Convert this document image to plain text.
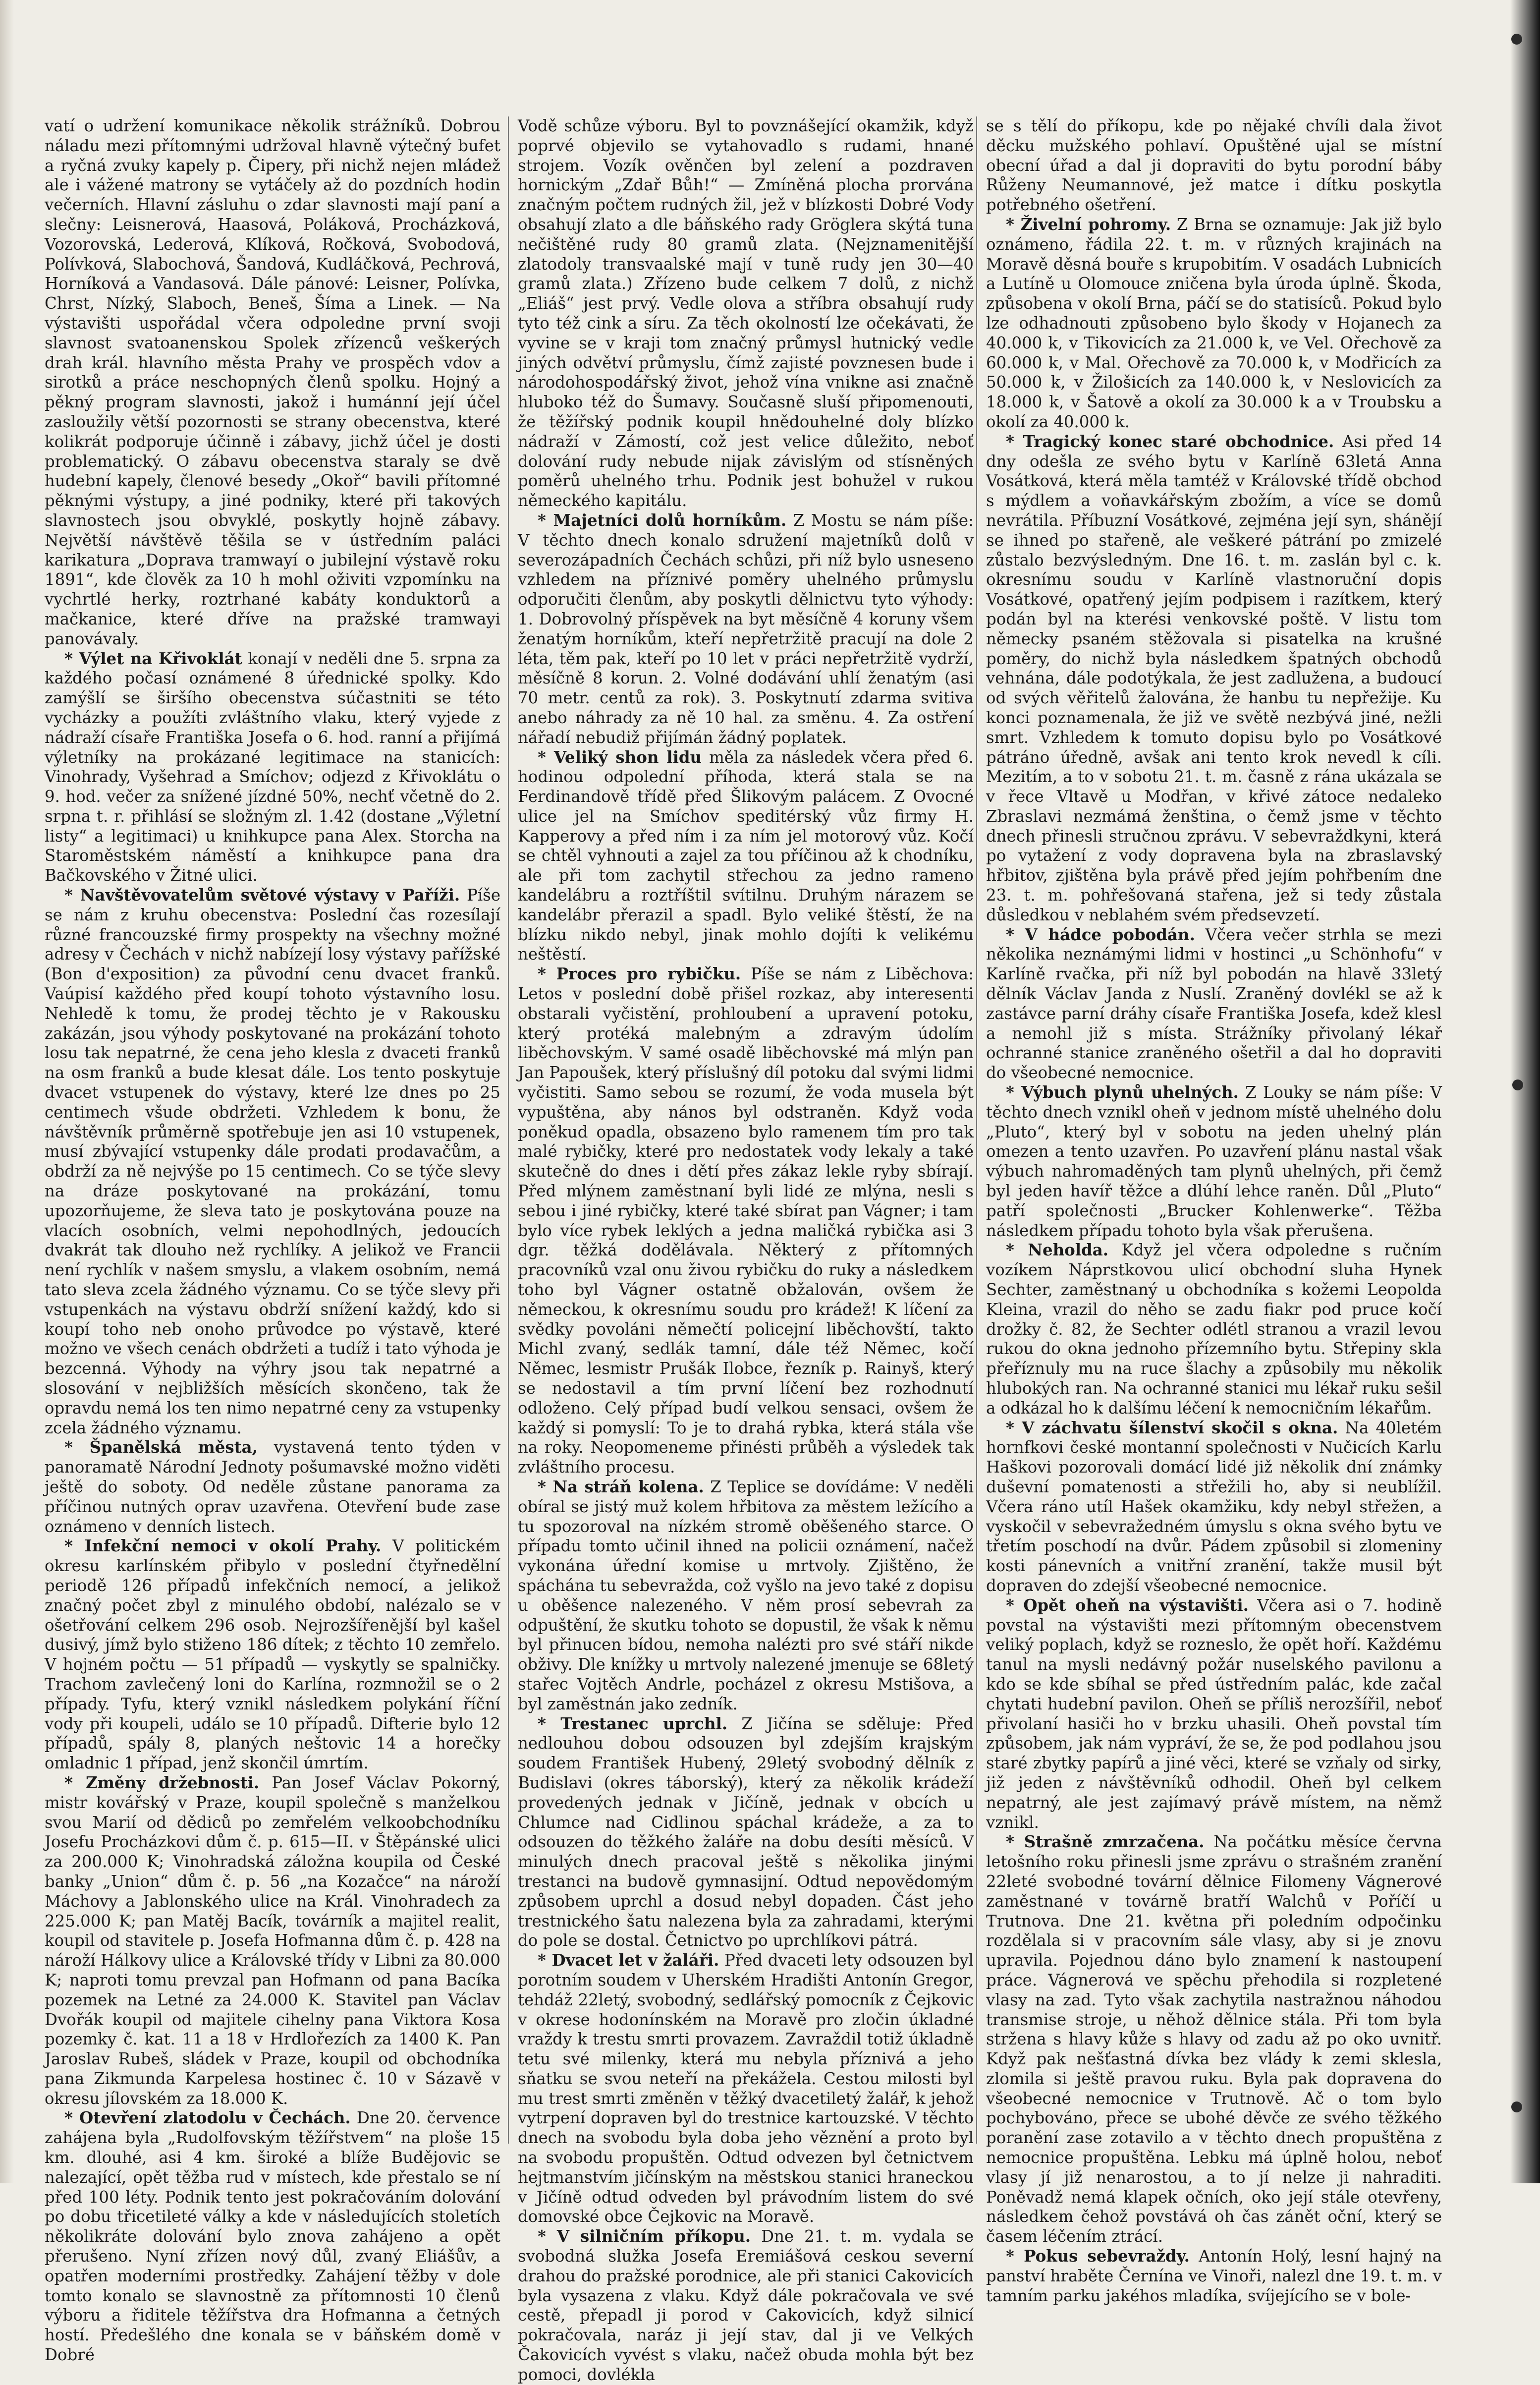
vatí o udržení komunikace několik strážníků. Dobrou náladu mezi přítomnými udržoval hlavně výtečný bufet a ryčná zvuky kapely p. Čipery, při nichž nejen mládež ale i vážené matrony se vytáčely až do pozdních hodin večerních. Hlavní zásluhu o zdar slavnosti mají paní a slečny: Leisnerová, Haasová, Poláková, Procházková, Vozorovská, Lederová, Klíková, Ročková, Svobodová, Polívková, Slabochová, Šandová, Kudláčková, Pechrová, Horníková a Vandasová. Dále pánové: Leisner, Polívka, Chrst, Nízký, Slaboch, Beneš, Šíma a Linek. — Na výstavišti uspořádal včera odpoledne první svoji slavnost svatoanenskou Spolek zřízenců veškerých drah král. hlavního města Prahy ve prospěch vdov a sirotků a práce neschopných členů spolku. Hojný a pěkný program slavnosti, jakož i humánní její účel zasloužily větší pozornosti se strany obecenstva, které kolikrát podporuje účinně i zábavy, jichž účel je dosti problematický. O zábavu obecenstva staraly se dvě hudební kapely, členové besedy „Okoř“ bavili přítomné pěknými výstupy, a jiné podniky, které při takových slavnostech jsou obvyklé, poskytly hojně zábavy. Největší návštěvě těšila se v ústředním paláci karikatura „Doprava tramwayí o jubilejní výstavě roku 1891“, kde člověk za 10 h mohl oživiti vzpomínku na vychrtlé herky, roztrhané kabáty konduktorů a mačkanice, které dříve na pražské tramwayi panovávaly.

* Výlet na Křivoklát konají v neděli dne 5. srpna za každého počasí oznámené 8 úřednické spolky. Kdo zamýšlí se širšího obecenstva súčastniti se této vycházky a použíti zvláštního vlaku, který vyjede z nádraží císaře Františka Josefa o 6. hod. ranní a přijímá výletníky na prokázané legitimace na stanicích: Vinohrady, Vyšehrad a Smíchov; odjezd z Křivoklátu o 9. hod. večer za snížené jízdné 50%, nechť včetně do 2. srpna t. r. přihlásí se složným zl. 1.42 (dostane „Výletní listy“ a legitimaci) u knihkupce pana Alex. Storcha na Staroměstském náměstí a knihkupce pana dra Bačkovského v Žitné ulici.

* Navštěvovatelům světové výstavy v Paříži. Píše se nám z kruhu obecenstva: Poslední čas rozesílají různé francouzské firmy prospekty na všechny možné adresy v Čechách v nichž nabízejí losy výstavy pařížské (Bon d'exposition) za původní cenu dvacet franků. Vaúpisí každého před koupí tohoto výstavního losu. Nehledě k tomu, že prodej těchto je v Rakousku zakázán, jsou výhody poskytované na prokázání tohoto losu tak nepatrné, že cena jeho klesla z dvaceti franků na osm franků a bude klesat dále. Los tento poskytuje dvacet vstupenek do výstavy, které lze dnes po 25 centimech všude obdržeti. Vzhledem k bonu, že návštěvník průměrně spotřebuje jen asi 10 vstupenek, musí zbývající vstupenky dále prodati prodavačům, a obdrží za ně nejvýše po 15 centimech. Co se týče slevy na dráze poskytované na prokázání, tomu upozorňujeme, že sleva tato je poskytována pouze na vlacích osobních, velmi nepohodlných, jedoucích dvakrát tak dlouho než rychlíky. A jelikož ve Francii není rychlík v našem smyslu, a vlakem osobním, nemá tato sleva zcela žádného významu. Co se týče slevy při vstupenkách na výstavu obdrží snížení každý, kdo si koupí toho neb onoho průvodce po výstavě, které možno ve všech cenách obdržeti a tudíž i tato výhoda je bezcenná. Výhody na výhry jsou tak nepatrné a slosování v nejbližších měsících skončeno, tak že opravdu nemá los ten nimo nepatrné ceny za vstupenky zcela žádného významu.

* Španělská města, vystavená tento týden v panoramatě Národní Jednoty pošumavské možno viděti ještě do soboty. Od neděle zůstane panorama za příčinou nutných oprav uzavřena. Otevření bude zase oznámeno v denních listech.

* Infekční nemoci v okolí Prahy. V politickém okresu karlínském přibylo v poslední čtyřnedělní periodě 126 případů infekčních nemocí, a jelikož značný počet zbyl z minulého období, nalézalo se v ošetřování celkem 296 osob. Nejrozšířenější byl kašel dusivý, jímž bylo stiženo 186 dítek; z těchto 10 zemřelo. V hojném počtu — 51 případů — vyskytly se spalničky. Trachom zavlečený loni do Karlína, rozmnožil se o 2 případy. Tyfu, který vznikl následkem polykání říční vody při koupeli, událo se 10 případů. Difterie bylo 12 případů, spály 8, planých neštovic 14 a horečky omladnic 1 případ, jenž skončil úmrtím.

* Změny držebnosti. Pan Josef Václav Pokorný, mistr kovářský v Praze, koupil společně s manželkou svou Marií od dědiců po zemřelém velkoobchodníku Josefu Procházkovi dům č. p. 615—II. v Štěpánské ulici za 200.000 K; Vinohradská záložna koupila od České banky „Union“ dům č. p. 56 „na Kozačce“ na nároží Máchovy a Jablonského ulice na Král. Vinohradech za 225.000 K; pan Matěj Bacík, továrník a majitel realit, koupil od stavitele p. Josefa Hofmanna dům č. p. 428 na nároží Hálkovy ulice a Královské třídy v Libni za 80.000 K; naproti tomu prevzal pan Hofmann od pana Bacíka pozemek na Letné za 24.000 K. Stavitel pan Václav Dvořák koupil od majitele cihelny pana Viktora Kosa pozemky č. kat. 11 a 18 v Hrdlořezích za 1400 K. Pan Jaroslav Rubeš, sládek v Praze, koupil od obchodníka pana Zikmunda Karpelesa hostinec č. 10 v Sázavě v okresu jílovském za 18.000 K.

* Otevření zlatodolu v Čechách. Dne 20. července zahájena byla „Rudolfovským těžířstvem“ na ploše 15 km. dlouhé, asi 4 km. široké a blíže Budějovic se nalezající, opět těžba rud v místech, kde přestalo se ní před 100 léty. Podnik tento jest pokračováním dolování po dobu třicetileté války a kde v následujících stoletích několikráte dolování bylo znova zahájeno a opět přerušeno. Nyní zřízen nový důl, zvaný Eliášův, a opatřen moderními prostředky. Zahájení těžby v dole tomto konalo se slavnostně za přítomnosti 10 členů výboru a řiditele těžířstva dra Hofmanna a četných hostí. Předešlého dne konala se v báňském domě v Dobré

Vodě schůze výboru. Byl to povznášející okamžik, když poprvé objevilo se vytahovadlo s rudami, hnané strojem. Vozík ověnčen byl zelení a pozdraven hornickým „Zdař Bůh!“ — Zmíněná plocha prorvána značným počtem rudných žil, jež v blízkosti Dobré Vody obsahují zlato a dle báňského rady Gröglera skýtá tuna nečištěné rudy 80 gramů zlata. (Nejznamenitější zlatodoly transvaalské mají v tuně rudy jen 30—40 gramů zlata.) Zřízeno bude celkem 7 dolů, z nichž „Eliáš“ jest prvý. Vedle olova a stříbra obsahují rudy tyto též cink a síru. Za těch okolností lze očekávati, že vyvine se v kraji tom značný průmysl hutnický vedle jiných odvětví průmyslu, čímž zajisté povznesen bude i národohospodářský život, jehož vína vnikne asi značně hluboko též do Šumavy. Současně sluší připomenouti, že těžířský podnik koupil hnědouhelné doly blízko nádraží v Zámostí, což jest velice důležito, neboť dolování rudy nebude nijak závislým od stísněných poměrů uhelného trhu. Podnik jest bohužel v rukou německého kapitálu.

* Majetníci dolů horníkům. Z Mostu se nám píše: V těchto dnech konalo sdružení majetníků dolů v severozápadních Čechách schůzi, při níž bylo usneseno vzhledem na příznivé poměry uhelného průmyslu odporučiti členům, aby poskytli dělnictvu tyto výhody: 1. Dobrovolný příspěvek na byt měsíčně 4 koruny všem ženatým horníkům, kteří nepřetržitě pracují na dole 2 léta, těm pak, kteří po 10 let v práci nepřetržitě vydrží, měsíčně 8 korun. 2. Volné dodávání uhlí ženatým (asi 70 metr. centů za rok). 3. Poskytnutí zdarma svitiva anebo náhrady za ně 10 hal. za směnu. 4. Za ostření nářadí nebudiž přijímán žádný poplatek.

* Veliký shon lidu měla za následek včera před 6. hodinou odpolední příhoda, která stala se na Ferdinandově třídě před Šlikovým palácem. Z Ovocné ulice jel na Smíchov speditérský vůz firmy H. Kapperovy a před ním i za ním jel motorový vůz. Kočí se chtěl vyhnouti a zajel za tou příčinou až k chodníku, ale při tom zachytil střechou za jedno rameno kandelábru a roztříštil svítilnu. Druhým nárazem se kandelábr přerazil a spadl. Bylo veliké štěstí, že na blízku nikdo nebyl, jinak mohlo dojíti k velikému neštěstí.

* Proces pro rybičku. Píše se nám z Liběchova: Letos v poslední době přišel rozkaz, aby interesenti obstarali vyčistění, prohloubení a upravení potoku, který protéká malebným a zdravým údolím liběchovským. V samé osadě liběchovské má mlýn pan Jan Papoušek, který příslušný díl potoku dal svými lidmi vyčistiti. Samo sebou se rozumí, že voda musela být vypuštěna, aby nános byl odstraněn. Když voda poněkud opadla, obsazeno bylo ramenem tím pro tak malé rybičky, které pro nedostatek vody lekaly a také skutečně do dnes i dětí přes zákaz lekle ryby sbírají. Před mlýnem zaměstnaní byli lidé ze mlýna, nesli s sebou i jiné rybičky, které také sbírat pan Vágner; i tam bylo více rybek leklých a jedna maličká rybička asi 3 dgr. těžká dodělávala. Některý z přítomných pracovníků vzal onu živou rybičku do ruky a následkem toho byl Vágner ostatně obžalován, ovšem že německou, k okresnímu soudu pro krádež! K líčení za svědky povoláni němečtí policejní liběchovští, takto Michl zvaný, sedlák tamní, dále též Němec, kočí Němec, lesmistr Prušák Ilobce, řezník p. Rainyš, který se nedostavil a tím první líčení bez rozhodnutí odloženo. Celý případ budí velkou sensaci, ovšem že každý si pomyslí: To je to drahá rybka, která stála vše na roky. Neopomeneme přinésti průběh a výsledek tak zvláštního procesu.

* Na stráň kolena. Z Teplice se dovídáme: V neděli obíral se jistý muž kolem hřbitova za městem ležícího a tu spozoroval na nízkém stromě oběšeného starce. O případu tomto učinil ihned na policii oznámení, načež vykonána úřední komise u mrtvoly. Zjištěno, že spáchána tu sebevražda, což vyšlo na jevo také z dopisu u oběšence nalezeného. V něm prosí sebevrah za odpuštění, že skutku tohoto se dopustil, že však k němu byl přinucen bídou, nemoha nalézti pro své stáří nikde obživy. Dle knížky u mrtvoly nalezené jmenuje se 68letý stařec Vojtěch Andrle, pocházel z okresu Mstišova, a byl zaměstnán jako zedník.

* Trestanec uprchl. Z Jičína se sděluje: Před nedlouhou dobou odsouzen byl zdejším krajským soudem František Hubený, 29letý svobodný dělník z Budislavi (okres táborský), který za několik krádeží provedených jednak v Jičíně, jednak v obcích u Chlumce nad Cidlinou spáchal krádeže, a za to odsouzen do těžkého žaláře na dobu desíti měsíců. V minulých dnech pracoval ještě s několika jinými trestanci na budově gymnasijní. Odtud nepovědomým způsobem uprchl a dosud nebyl dopaden. Část jeho trestnického šatu nalezena byla za zahradami, kterými do pole se dostal. Četnictvo po uprchlíkovi pátrá.

* Dvacet let v žaláři. Před dvaceti lety odsouzen byl porotním soudem v Uherském Hradišti Antonín Gregor, tehdáž 22letý, svobodný, sedlářský pomocník z Čejkovic v okrese hodonínském na Moravě pro zločin úkladné vraždy k trestu smrti provazem. Zavraždil totiž úkladně tetu své milenky, která mu nebyla příznivá a jeho sňatku se svou neteří na překážela. Cestou milosti byl mu trest smrti změněn v těžký dvacetiletý žalář, k jehož vytrpení dopraven byl do trestnice kartouzské. V těchto dnech na svobodu byla doba jeho věznění a proto byl na svobodu propuštěn. Odtud odvezen byl četnictvem hejtmanstvím jičínským na městskou stanici hraneckou v Jičíně odtud odveden byl právodním listem do své domovské obce Čejkovic na Moravě.

* V silničním příkopu. Dne 21. t. m. vydala se svobodná služka Josefa Eremiášová ceskou severní drahou do pražské porodnice, ale při stanici Cakovicích byla vysazena z vlaku. Když dále pokračovala ve své cestě, přepadl ji porod v Cakovicích, když silnicí pokračovala, naráz ji její stav, dal ji ve Velkých Čakovicích vyvést s vlaku, načež obuda mohla být bez pomoci, dovlékla

se s tělí do příkopu, kde po nějaké chvíli dala život děcku mužského pohlaví. Opuštěné ujal se místní obecní úřad a dal ji dopraviti do bytu porodní báby Růženy Neumannové, jež matce i dítku poskytla potřebného ošetření.

* Živelní pohromy. Z Brna se oznamuje: Jak již bylo oznámeno, řádila 22. t. m. v různých krajinách na Moravě děsná bouře s krupobitím. V osadách Lubnicích a Lutíně u Olomouce zničena byla úroda úplně. Škoda, způsobena v okolí Brna, páčí se do statisíců. Pokud bylo lze odhadnouti způsobeno bylo škody v Hojanech za 40.000 k, v Tikovicích za 21.000 k, ve Vel. Ořechově za 60.000 k, v Mal. Ořechově za 70.000 k, v Modřicích za 50.000 k, v Žilošicích za 140.000 k, v Neslovicích za 18.000 k, v Šatově a okolí za 30.000 k a v Troubsku a okolí za 40.000 k.

* Tragický konec staré obchodnice. Asi před 14 dny odešla ze svého bytu v Karlíně 63letá Anna Vosátková, která měla tamtéž v Královské třídě obchod s mýdlem a voňavkářským zbožím, a více se domů nevrátila. Příbuzní Vosátkové, zejména její syn, shánějí se ihned po stařeně, ale veškeré pátrání po zmizelé zůstalo bezvýsledným. Dne 16. t. m. zaslán byl c. k. okresnímu soudu v Karlíně vlastnoruční dopis Vosátkové, opatřený jejím podpisem i razítkem, který podán byl na kterési venkovské poště. V listu tom německy psaném stěžovala si pisatelka na krušné poměry, do nichž byla následkem špatných obchodů vehnána, dále podotýkala, že jest zadlužena, a budoucí od svých věřitelů žalována, že hanbu tu nepřežije. Ku konci poznamenala, že již ve světě nezbývá jiné, nežli smrt. Vzhledem k tomuto dopisu bylo po Vosátkové pátráno úředně, avšak ani tento krok nevedl k cíli. Mezitím, a to v sobotu 21. t. m. časně z rána ukázala se v řece Vltavě u Modřan, v křivé zátoce nedaleko Zbraslavi nezmámá ženština, o čemž jsme v těchto dnech přinesli stručnou zprávu. V sebevraždkyni, která po vytažení z vody dopravena byla na zbraslavský hřbitov, zjištěna byla právě před jejím pohřbením dne 23. t. m. pohřešovaná stařena, jež si tedy zůstala důsledkou v neblahém svém předsevzetí.

* V hádce pobodán. Včera večer strhla se mezi několika neznámými lidmi v hostinci „u Schönhofu“ v Karlíně rvačka, při níž byl pobodán na hlavě 33letý dělník Václav Janda z Nuslí. Zraněný dovlékl se až k zastávce parní dráhy císaře Františka Josefa, kdež klesl a nemohl již s místa. Strážníky přivolaný lékař ochranné stanice zraněného ošetřil a dal ho dopraviti do všeobecné nemocnice.

* Výbuch plynů uhelných. Z Louky se nám píše: V těchto dnech vznikl oheň v jednom místě uhelného dolu „Pluto“, který byl v sobotu na jeden uhelný plán omezen a tento uzavřen. Po uzavření plánu nastal však výbuch nahromaděných tam plynů uhelných, při čemž byl jeden havíř těžce a dlúhí lehce raněn. Důl „Pluto“ patří společnosti „Brucker Kohlenwerke“. Těžba následkem případu tohoto byla však přerušena.

* Neholda. Když jel včera odpoledne s ručním vozíkem Náprstkovou ulicí obchodní sluha Hynek Sechter, zaměstnaný u obchodníka s kožemi Leopolda Kleina, vrazil do něho se zadu fiakr pod pruce kočí drožky č. 82, že Sechter odlétl stranou a vrazil levou rukou do okna jednoho přízemního bytu. Střepiny skla přeříznuly mu na ruce šlachy a způsobily mu několik hlubokých ran. Na ochranné stanici mu lékař ruku sešil a odkázal ho k dalšímu léčení k nemocničním lékařům.

* V záchvatu šílenství skočil s okna. Na 40letém hornfkovi české montanní společnosti v Nučicích Karlu Haškovi pozorovali domácí lidé již několik dní známky duševní pomatenosti a střežili ho, aby si neublížil. Včera ráno utíl Hašek okamžiku, kdy nebyl střežen, a vyskočil v sebevražedném úmyslu s okna svého bytu ve třetím poschodí na dvůr. Pádem způsobil si zlomeniny kosti pánevních a vnitřní zranění, takže musil být dopraven do zdejší všeobecné nemocnice.

* Opět oheň na výstavišti. Včera asi o 7. hodině povstal na výstavišti mezi přítomným obecenstvem veliký poplach, když se rozneslo, že opět hoří. Každému tanul na mysli nedávný požár nuselského pavilonu a kdo se kde sbíhal se před ústředním palác, kde začal chytati hudební pavilon. Oheň se příliš nerozšířil, neboť přivolaní hasiči ho v brzku uhasili. Oheň povstal tím způsobem, jak nám vypráví, že se, že pod podlahou jsou staré zbytky papírů a jiné věci, které se vzňaly od sirky, již jeden z návštěvníků odhodil. Oheň byl celkem nepatrný, ale jest zajímavý právě místem, na němž vznikl.

* Strašně zmrzačena. Na počátku měsíce června letošního roku přinesli jsme zprávu o strašném zranění 22leté svobodné tovární dělnice Filomeny Vágnerové zaměstnané v továrně bratří Walchů v Poříčí u Trutnova. Dne 21. května při poledním odpočinku rozdělala si v pracovním sále vlasy, aby si je znovu upravila. Pojednou dáno bylo znamení k nastoupení práce. Vágnerová ve spěchu přehodila si rozpletené vlasy na zad. Tyto však zachytila nastražnou náhodou transmise stroje, u něhož dělnice stála. Při tom byla stržena s hlavy kůže s hlavy od zadu až po oko uvnitř. Když pak nešťastná dívka bez vlády k zemi sklesla, zlomila si ještě pravou ruku. Byla pak dopravena do všeobecné nemocnice v Trutnově. Ač o tom bylo pochybováno, přece se ubohé děvče ze svého těžkého poranění zase zotavilo a v těchto dnech propuštěna z nemocnice propuštěna. Lebku má úplně holou, neboť vlasy jí již nenarostou, a to jí nelze ji nahraditi. Poněvadž nemá klapek očních, oko její stále otevřeny, následkem čehož povstává oh čas zánět oční, který se časem léčením ztrácí.

* Pokus sebevraždy. Antonín Holý, lesní hajný na panství hraběte Černína ve Vinoři, nalezl dne 19. t. m. v tamním parku jakéhos mladíka, svíjejícího se v bole-
